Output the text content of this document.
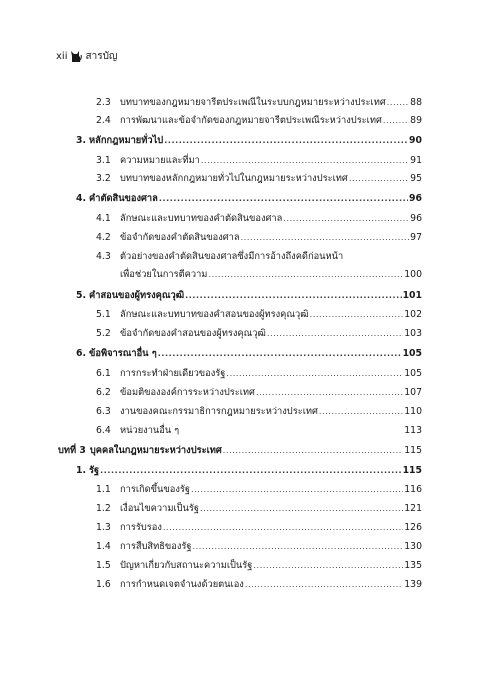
xii สารบัญ
2.3 บทบาทของกฎหมายจารีตประเพณีในระบบกฎหมายระหว่างประเทศ .....	88
2.4 การพัฒนาและข้อจำกัดของกฎหมายจารีตประเพณีระหว่างประเทศ .....	89
3. หลักกฎหมายทั่วไป .....	90
3.1 ความหมายและที่มา .....	91
3.2 บทบาทของหลักกฎหมายทั่วไปในกฎหมายระหว่างประเทศ .....	95
4. คำตัดสินของศาล .....	96
4.1 ลักษณะและบทบาทของคำตัดสินของศาล .....	96
4.2 ข้อจำกัดของคำตัดสินของศาล .....	97
4.3 ตัวอย่างของคำตัดสินของศาลซึ่งมีการอ้างถึงคดีก่อนหน้า
เพื่อช่วยในการตีความ .....	100
5. คำสอนของผู้ทรงคุณวุฒิ .....	101
5.1 ลักษณะและบทบาทของคำสอนของผู้ทรงคุณวุฒิ .....	102
5.2 ข้อจำกัดของคำสอนของผู้ทรงคุณวุฒิ .....	103
6. ข้อพิจารณาอื่น ๆ .....	105
6.1 การกระทำฝ่ายเดียวของรัฐ .....	105
6.2 ข้อมติขององค์การระหว่างประเทศ .....	107
6.3 งานของคณะกรรมาธิการกฎหมายระหว่างประเทศ .....	110
6.4 หน่วยงานอื่น ๆ	113
บทที่ 3 บุคคลในกฎหมายระหว่างประเทศ .....	115
1. รัฐ .....	115
1.1 การเกิดขึ้นของรัฐ .....	116
1.2 เงื่อนไขความเป็นรัฐ .....	121
1.3 การรับรอง .....	126
1.4 การสืบสิทธิของรัฐ .....	130
1.5 ปัญหาเกี่ยวกับสถานะความเป็นรัฐ .....	135
1.6 การกำหนดเจตจำนงด้วยตนเอง .....	139
